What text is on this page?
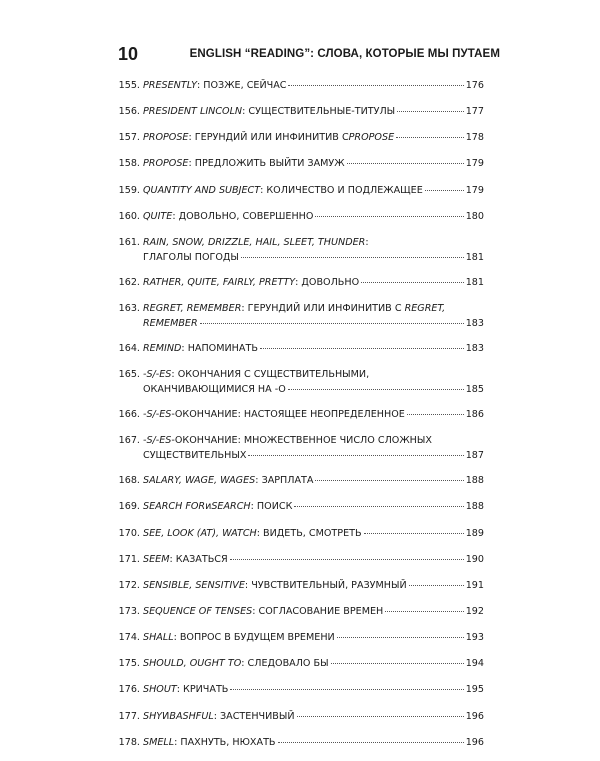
10	ENGLISH “READING”: СЛОВА, КОТОРЫЕ МЫ ПУТАЕМ
155. PRESENTLY : ПОЗЖЕ, СЕЙЧАС	176
156. PRESIDENT LINCOLN : СУЩЕСТВИТЕЛЬНЫЕ-ТИТУЛЫ	177
157. PROPOSE : ГЕРУНДИЙ ИЛИ ИНФИНИТИВ С PROPOSE	178
158. PROPOSE : ПРЕДЛОЖИТЬ ВЫЙТИ ЗАМУЖ	179
159. QUANTITY AND SUBJECT : КОЛИЧЕСТВО И ПОДЛЕЖАЩЕЕ	179
160. QUITE : ДОВОЛЬНО, СОВЕРШЕННО	180
161. RAIN, SNOW, DRIZZLE, HAIL, SLEET, THUNDER:
ГЛАГОЛЫ ПОГОДЫ	181
162. RATHER, QUITE, FAIRLY, PRETTY : ДОВОЛЬНО	181
163. REGRET, REMEMBER: ГЕРУНДИЙ ИЛИ ИНФИНИТИВ С REGRET,
REMEMBER	183
164. REMIND : НАПОМИНАТЬ	183
165. -S/-ES: ОКОНЧАНИЯ С СУЩЕСТВИТЕЛЬНЫМИ,
ОКАНЧИВАЮЩИМИСЯ НА -O	185
166. -S/-ES -ОКОНЧАНИЕ: НАСТОЯЩЕЕ НЕОПРЕДЕЛЕННОЕ	186
167. -S/-ES-ОКОНЧАНИЕ: МНОЖЕСТВЕННОЕ ЧИСЛО СЛОЖНЫХ
СУЩЕСТВИТЕЛЬНЫХ	187
168. SALARY, WAGE, WAGES : ЗАРПЛАТА	188
169. SEARCH FOR и SEARCH : ПОИСК	188
170. SEE, LOOK (AT), WATCH : ВИДЕТЬ, СМОТРЕТЬ	189
171. SEEM : КАЗАТЬСЯ	190
172. SENSIBLE, SENSITIVE : ЧУВСТВИТЕЛЬНЫЙ, РАЗУМНЫЙ	191
173. SEQUENCE OF TENSES : СОГЛАСОВАНИЕ ВРЕМЕН	192
174. SHALL : ВОПРОС В БУДУЩЕМ ВРЕМЕНИ	193
175. SHOULD, OUGHT TO : СЛЕДОВАЛО БЫ	194
176. SHOUT : КРИЧАТЬ	195
177. SHY И BASHFUL : ЗАСТЕНЧИВЫЙ	196
178. SMELL : ПАХНУТЬ, НЮХАТЬ	196
